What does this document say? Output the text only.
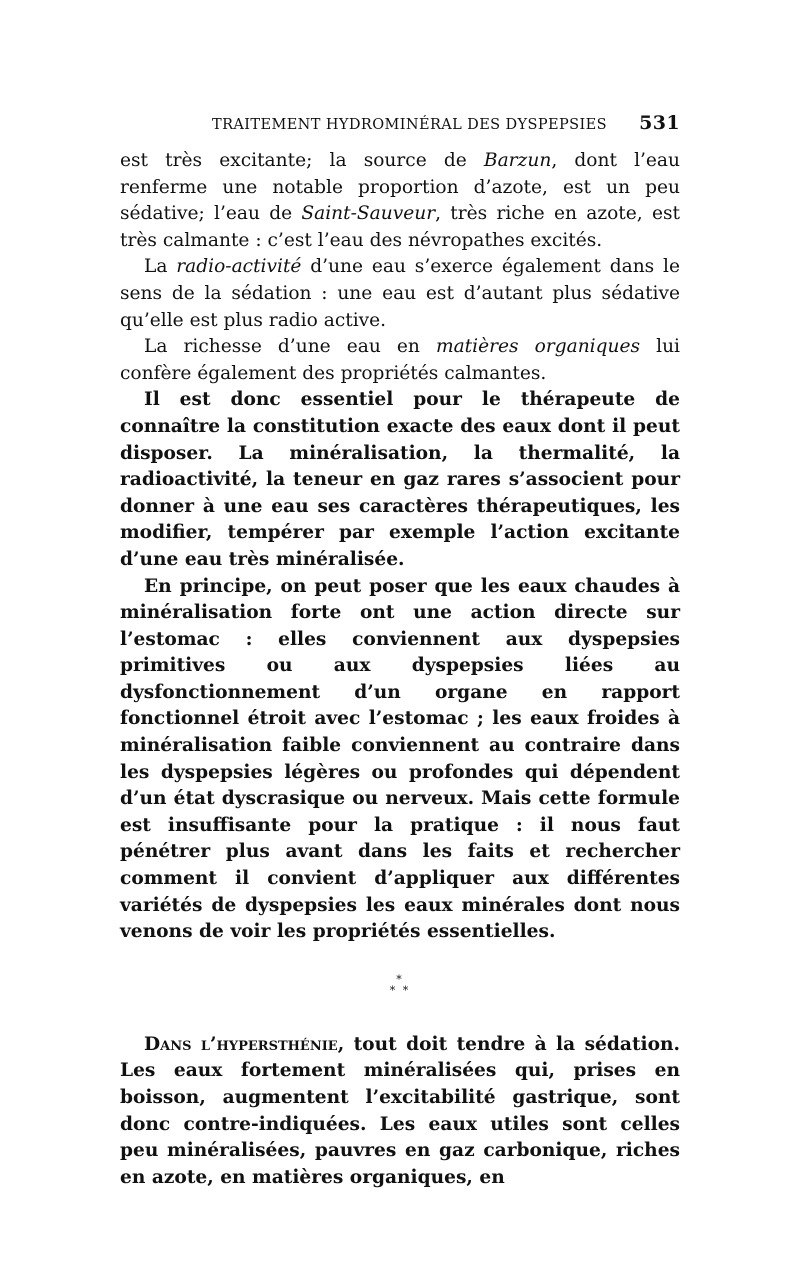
TRAITEMENT HYDROMINÉRAL DES DYSPEPSIES 531

est très excitante; la source de Barzun, dont l’eau renferme une notable proportion d’azote, est un peu sédative; l’eau de Saint-Sauveur, très riche en azote, est très calmante : c’est l’eau des névropathes excités.

La radio-activité d’une eau s’exerce également dans le sens de la sédation : une eau est d’autant plus sédative qu’elle est plus radio active.

La richesse d’une eau en matières organiques lui confère également des propriétés calmantes.

Il est donc essentiel pour le thérapeute de connaître la constitution exacte des eaux dont il peut disposer. La minéralisation, la thermalité, la radioactivité, la teneur en gaz rares s’associent pour donner à une eau ses caractères thérapeutiques, les modifier, tempérer par exemple l’action excitante d’une eau très minéralisée.

En principe, on peut poser que les eaux chaudes à minéralisation forte ont une action directe sur l’estomac : elles conviennent aux dyspepsies primitives ou aux dyspepsies liées au dysfonctionnement d’un organe en rapport fonctionnel étroit avec l’estomac ; les eaux froides à minéralisation faible conviennent au contraire dans les dyspepsies légères ou profondes qui dépendent d’un état dyscrasique ou nerveux. Mais cette formule est insuffisante pour la pratique : il nous faut pénétrer plus avant dans les faits et rechercher comment il convient d’appliquer aux différentes variétés de dyspepsies les eaux minérales dont nous venons de voir les propriétés essentielles.

*
* *

Dans l’hypersthénie, tout doit tendre à la sédation. Les eaux fortement minéralisées qui, prises en boisson, augmentent l’excitabilité gastrique, sont donc contre-indiquées. Les eaux utiles sont celles peu minéralisées, pauvres en gaz carbonique, riches en azote, en matières organiques, en
